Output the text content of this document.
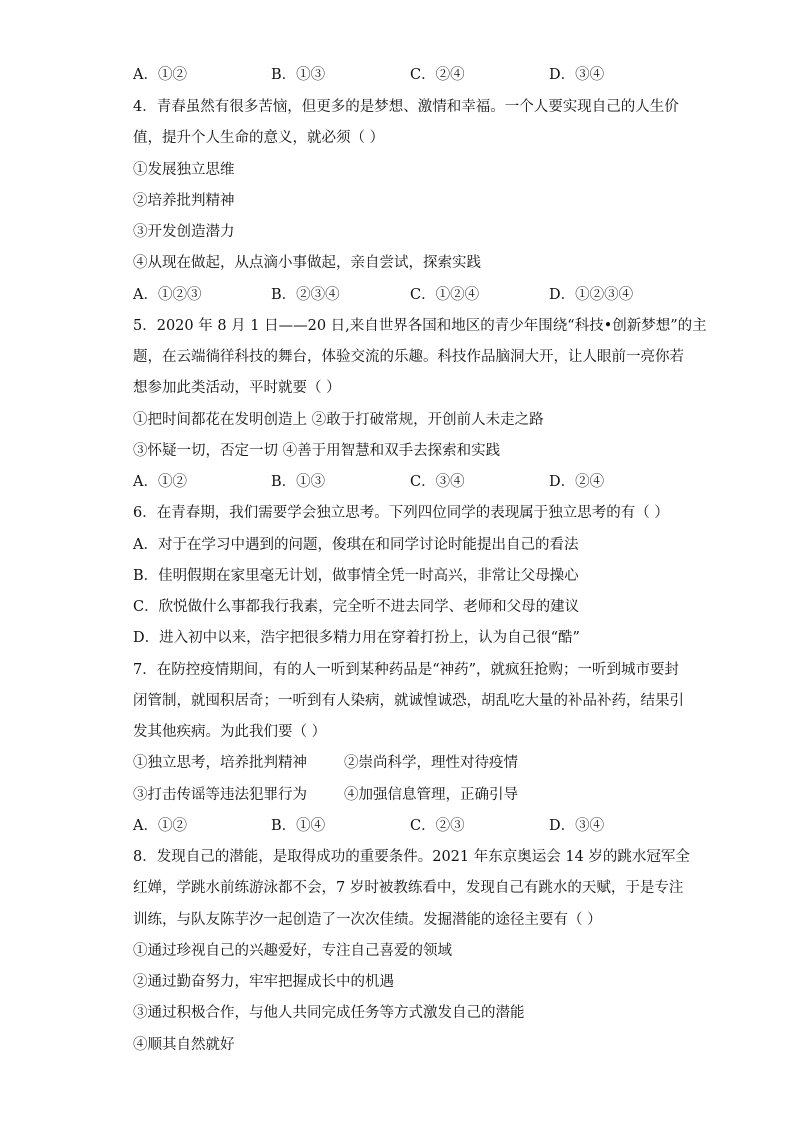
A．①②	B．①③	C．②④	D．③④
4．青春虽然有很多苦恼，但更多的是梦想、激情和幸福。一个人要实现自己的人生价
值，提升个人生命的意义，就必须（ ）
①发展独立思维
②培养批判精神
③开发创造潜力
④从现在做起，从点滴小事做起，亲自尝试，探索实践
A．①②③	B．②③④	C．①②④	D．①②③④
5．2020 年 8 月 1 日——20 日,来自世界各国和地区的青少年围绕“科技•创新梦想”的主
题，在云端徜徉科技的舞台，体验交流的乐趣。科技作品脑洞大开，让人眼前一亮你若
想参加此类活动，平时就要（ ）
①把时间都花在发明创造上 ②敢于打破常规，开创前人未走之路
③怀疑一切，否定一切 ④善于用智慧和双手去探索和实践
A．①②	B．①③	C．③④	D．②④
6．在青春期，我们需要学会独立思考。下列四位同学的表现属于独立思考的有（ ）
A．对于在学习中遇到的问题，俊琪在和同学讨论时能提出自己的看法
B．佳明假期在家里毫无计划，做事情全凭一时高兴，非常让父母操心
C．欣悦做什么事都我行我素，完全听不进去同学、老师和父母的建议
D．进入初中以来，浩宇把很多精力用在穿着打扮上，认为自己很“酷”
7．在防控疫情期间，有的人一听到某种药品是“神药”，就疯狂抢购；一听到城市要封
闭管制，就囤积居奇；一听到有人染病，就诚惶诚恐，胡乱吃大量的补品补药，结果引
发其他疾病。为此我们要（ ）
①独立思考，培养批判精神	②崇尚科学，理性对待疫情
③打击传谣等违法犯罪行为	④加强信息管理，正确引导
A．①②	B．①④	C．②③	D．③④
8．发现自己的潜能，是取得成功的重要条件。2021 年东京奥运会 14 岁的跳水冠军全
红婵，学跳水前练游泳都不会，7 岁时被教练看中，发现自己有跳水的天赋，于是专注
训练，与队友陈芋汐一起创造了一次次佳绩。发掘潜能的途径主要有（ ）
①通过珍视自己的兴趣爱好，专注自己喜爱的领域
②通过勤奋努力，牢牢把握成长中的机遇
③通过积极合作，与他人共同完成任务等方式激发自己的潜能
④顺其自然就好
